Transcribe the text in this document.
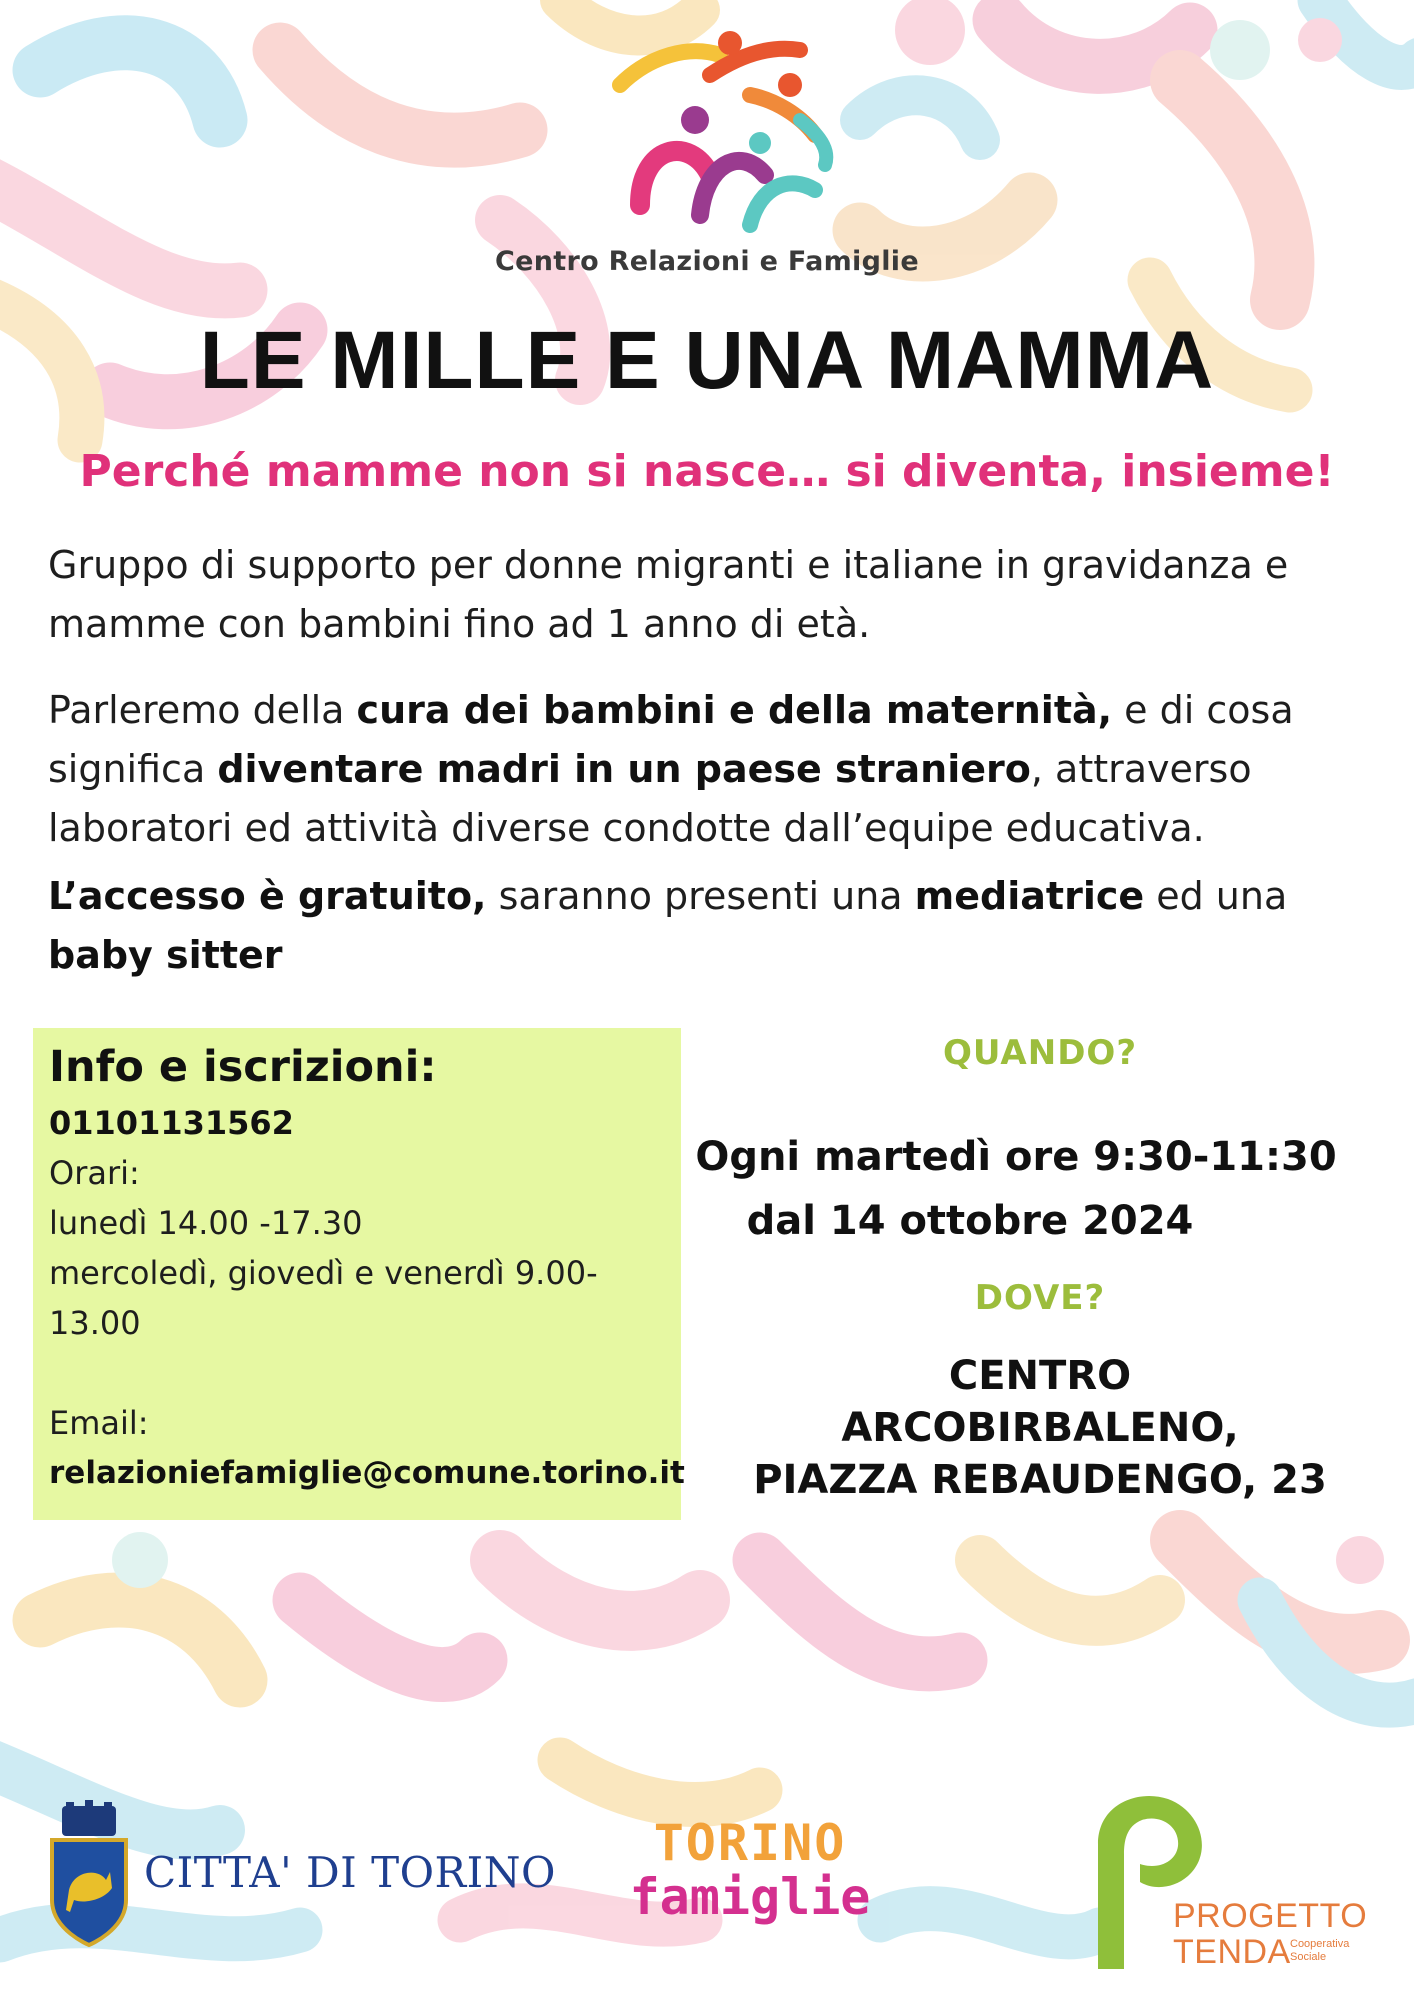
Centro Relazioni e Famiglie
LE MILLE E UNA MAMMA
Perché mamme non si nasce… si diventa, insieme!
Gruppo di supporto per donne migranti e italiane in gravidanza e mamme con bambini fino ad 1 anno di età.
Parleremo della cura dei bambini e della maternità, e di cosa significa diventare madri in un paese straniero, attraverso laboratori ed attività diverse condotte dall’equipe educativa.
L’accesso è gratuito, saranno presenti una mediatrice ed una
baby sitter
Info e iscrizioni:
01101131562
Orari:
lunedì 14.00 -17.30
mercoledì, giovedì e venerdì 9.00-
13.00
Email:
relazioniefamiglie@comune.torino.it
QUANDO?
Ogni martedì ore 9:30-11:30
dal 14 ottobre 2024
DOVE?
CENTRO
ARCOBIRBALENO,
PIAZZA REBAUDENGO, 23
CITTA' DI TORINO
TORINO
famiglie	PROGETTO
TENDA Cooperativa Sociale
